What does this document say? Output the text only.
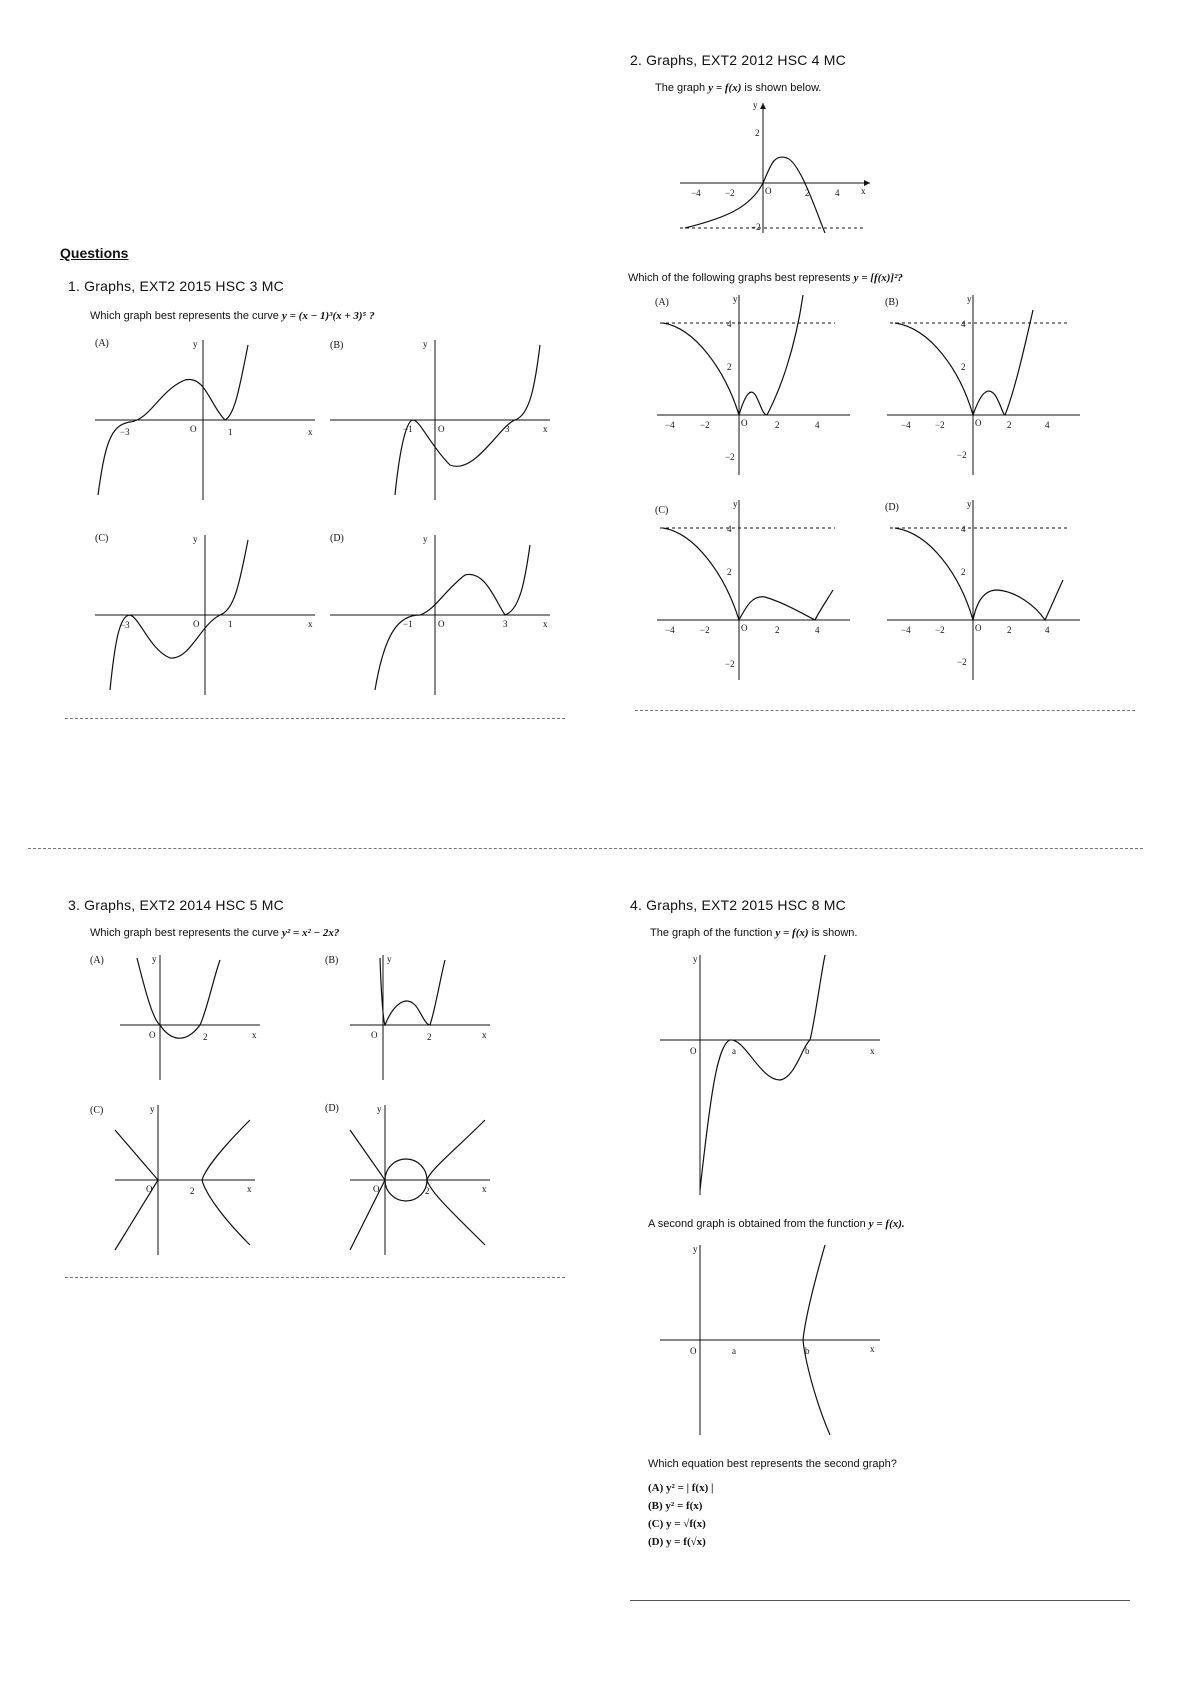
2. Graphs, EXT2 2012 HSC 4 MC
The graph y = f(x) is shown below.
−4	−2	O	2	4 x
y
2
−2
Which of the following graphs best represents y = [f(x)]²?
(A)
−4	−2	O	2	4
y
4
2
−2
(B)
−4	−2	O	2	4
y
4
2
−2
(C)
−4	−2	O	2	4
y
4
2
−2
(D)
−4	−2	O	2	4
y
4
2
−2
Questions
1. Graphs, EXT2 2015 HSC 3 MC
Which graph best represents the curve y = (x − 1)³(x + 3)⁵ ?
(A)
−3	O	1	x
y	(B)
−1	O	3	x
y
(C)
−3	O	1	x
y	(D)
−1	O	3	x
y
3. Graphs, EXT2 2014 HSC 5 MC
Which graph best represents the curve y² = x² − 2x?
(A)
O	2	x
y	(B)
O	2	x
y
(C)
O	2	x
y	(D)
O	2	x
y
4. Graphs, EXT2 2015 HSC 8 MC
The graph of the function y = f(x) is shown.
O	a	b	x
y
A second graph is obtained from the function y = f(x).
O	a	b	x
y
Which equation best represents the second graph?
(A) y² = | f(x) |
(B) y² = f(x)
(C) y = √f(x)
(D) y = f(√x)
